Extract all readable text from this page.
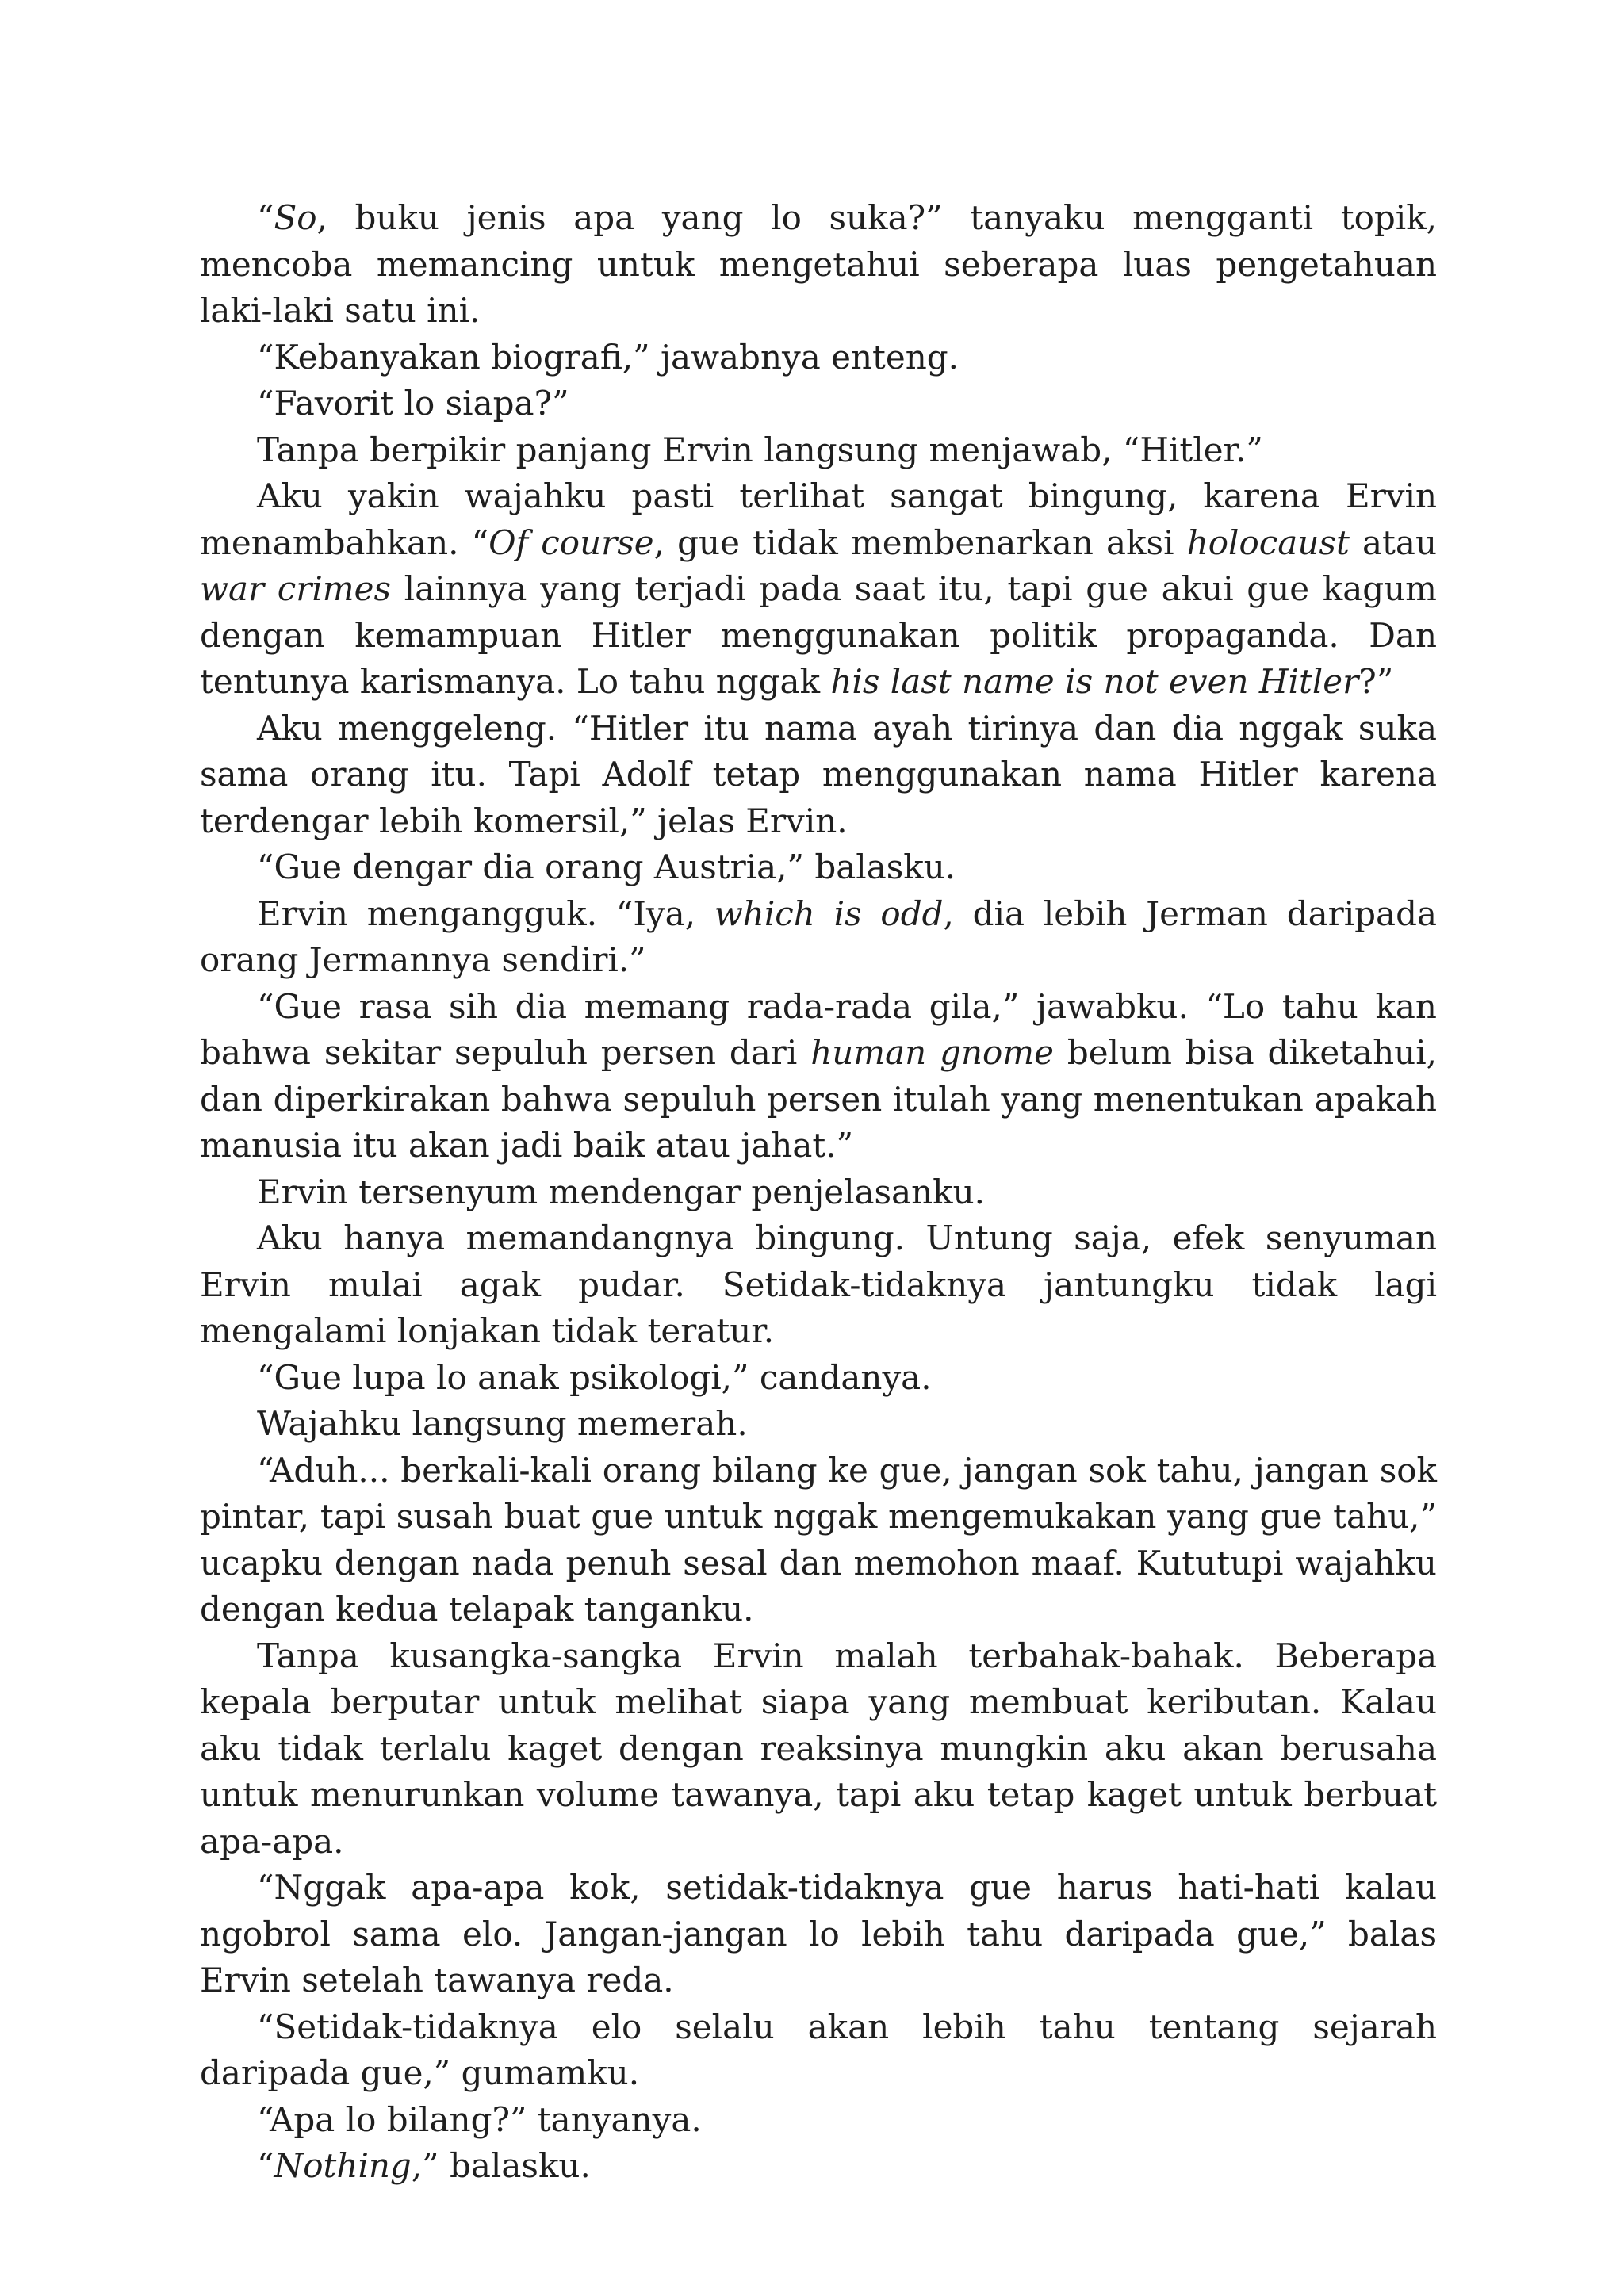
“So, buku jenis apa yang lo suka?” tanyaku mengganti topik, mencoba memancing untuk mengetahui seberapa luas pengetahuan laki-laki satu ini.

“Kebanyakan biografi,” jawabnya enteng.

“Favorit lo siapa?”

Tanpa berpikir panjang Ervin langsung menjawab, “Hitler.”

Aku yakin wajahku pasti terlihat sangat bingung, karena Ervin menambahkan. “Of course, gue tidak membenarkan aksi holocaust atau war crimes lainnya yang terjadi pada saat itu, tapi gue akui gue kagum dengan kemampuan Hitler menggunakan politik propaganda. Dan tentunya karismanya. Lo tahu nggak his last name is not even Hitler?”

Aku menggeleng. “Hitler itu nama ayah tirinya dan dia nggak suka sama orang itu. Tapi Adolf tetap menggunakan nama Hitler karena terdengar lebih komersil,” jelas Ervin.

“Gue dengar dia orang Austria,” balasku.

Ervin mengangguk. “Iya, which is odd, dia lebih Jerman daripada orang Jermannya sendiri.”

“Gue rasa sih dia memang rada-rada gila,” jawabku. “Lo tahu kan bahwa sekitar sepuluh persen dari human gnome belum bisa diketahui, dan diperkirakan bahwa sepuluh persen itulah yang menentukan apakah manusia itu akan jadi baik atau jahat.”

Ervin tersenyum mendengar penjelasanku.

Aku hanya memandangnya bingung. Untung saja, efek senyuman Ervin mulai agak pudar. Setidak-tidaknya jantungku tidak lagi mengalami lonjakan tidak teratur.

“Gue lupa lo anak psikologi,” candanya.

Wajahku langsung memerah.

“Aduh... berkali-kali orang bilang ke gue, jangan sok tahu, jangan sok pintar, tapi susah buat gue untuk nggak mengemukakan yang gue tahu,” ucapku dengan nada penuh sesal dan memohon maaf. Kututupi wajahku dengan kedua telapak tanganku.

Tanpa kusangka-sangka Ervin malah terbahak-bahak. Beberapa kepala berputar untuk melihat siapa yang membuat keributan. Kalau aku tidak terlalu kaget dengan reaksinya mungkin aku akan berusaha untuk menurunkan volume tawanya, tapi aku tetap kaget untuk berbuat apa-apa.

“Nggak apa-apa kok, setidak-tidaknya gue harus hati-hati kalau ngobrol sama elo. Jangan-jangan lo lebih tahu daripada gue,” balas Ervin setelah tawanya reda.

“Setidak-tidaknya elo selalu akan lebih tahu tentang sejarah daripada gue,” gumamku.

“Apa lo bilang?” tanyanya.

“Nothing,” balasku.
